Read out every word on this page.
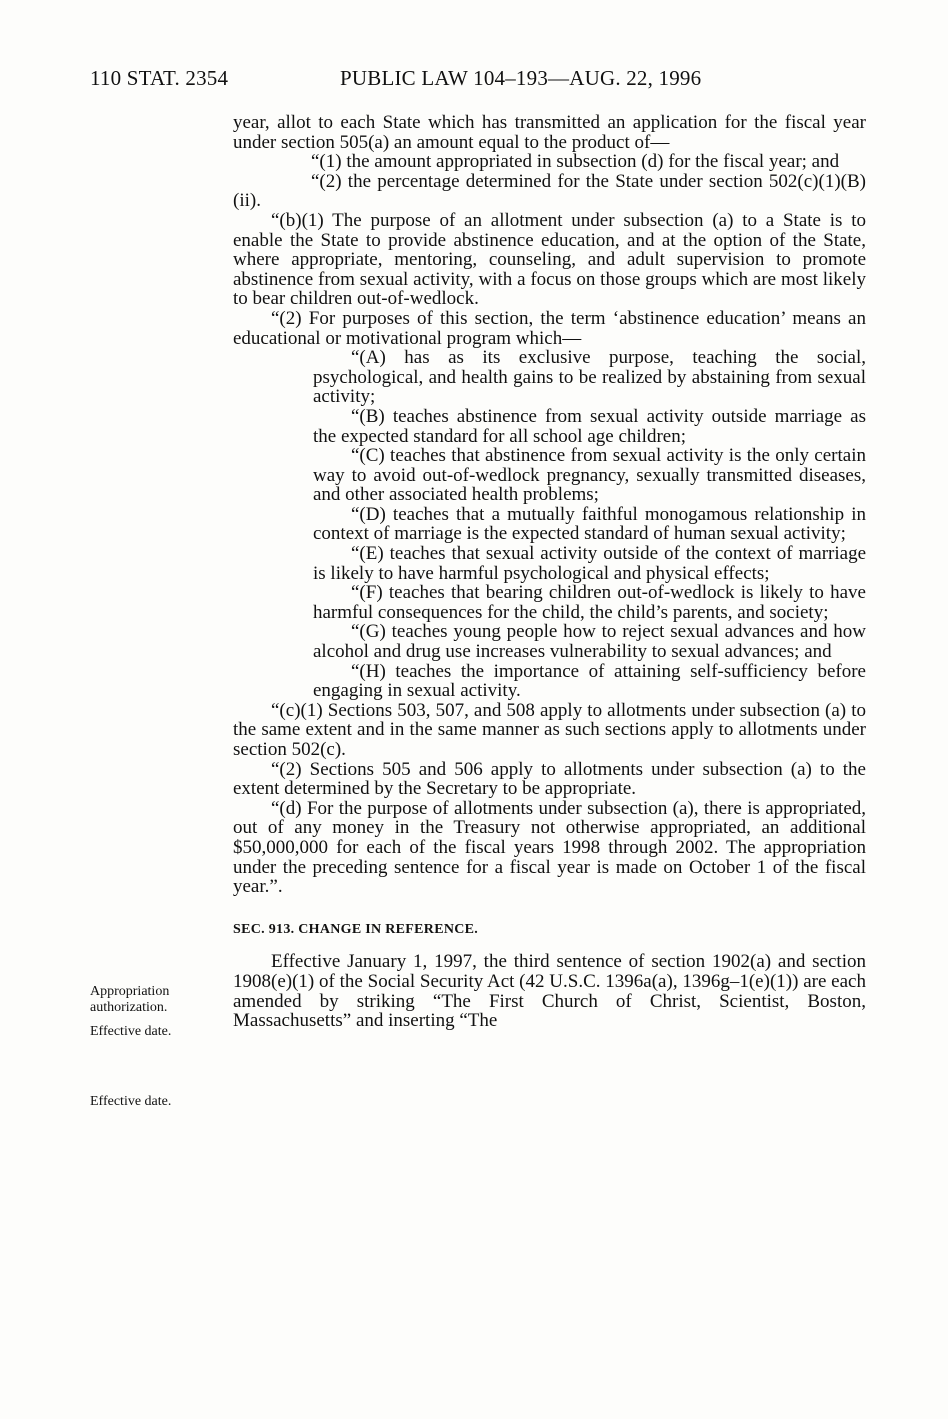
110 STAT. 2354	PUBLIC LAW 104–193—AUG. 22, 1996
Appropriation authorization.
Effective date.
Effective date.

year, allot to each State which has transmitted an application for the fiscal year under section 505(a) an amount equal to the product of—

“(1) the amount appropriated in subsection (d) for the fiscal year; and

“(2) the percentage determined for the State under section 502(c)(1)(B)(ii).

“(b)(1) The purpose of an allotment under subsection (a) to a State is to enable the State to provide abstinence education, and at the option of the State, where appropriate, mentoring, counseling, and adult supervision to promote abstinence from sexual activity, with a focus on those groups which are most likely to bear children out-of-wedlock.

“(2) For purposes of this section, the term ‘abstinence education’ means an educational or motivational program which—

“(A) has as its exclusive purpose, teaching the social, psychological, and health gains to be realized by abstaining from sexual activity;

“(B) teaches abstinence from sexual activity outside marriage as the expected standard for all school age children;

“(C) teaches that abstinence from sexual activity is the only certain way to avoid out-of-wedlock pregnancy, sexually transmitted diseases, and other associated health problems;

“(D) teaches that a mutually faithful monogamous relationship in context of marriage is the expected standard of human sexual activity;

“(E) teaches that sexual activity outside of the context of marriage is likely to have harmful psychological and physical effects;

“(F) teaches that bearing children out-of-wedlock is likely to have harmful consequences for the child, the child’s parents, and society;

“(G) teaches young people how to reject sexual advances and how alcohol and drug use increases vulnerability to sexual advances; and

“(H) teaches the importance of attaining self-sufficiency before engaging in sexual activity.

“(c)(1) Sections 503, 507, and 508 apply to allotments under subsection (a) to the same extent and in the same manner as such sections apply to allotments under section 502(c).

“(2) Sections 505 and 506 apply to allotments under subsection (a) to the extent determined by the Secretary to be appropriate.

“(d) For the purpose of allotments under subsection (a), there is appropriated, out of any money in the Treasury not otherwise appropriated, an additional $50,000,000 for each of the fiscal years 1998 through 2002. The appropriation under the preceding sentence for a fiscal year is made on October 1 of the fiscal year.”.

SEC. 913. CHANGE IN REFERENCE.

Effective January 1, 1997, the third sentence of section 1902(a) and section 1908(e)(1) of the Social Security Act (42 U.S.C. 1396a(a), 1396g–1(e)(1)) are each amended by striking “The First Church of Christ, Scientist, Boston, Massachusetts” and inserting “The
